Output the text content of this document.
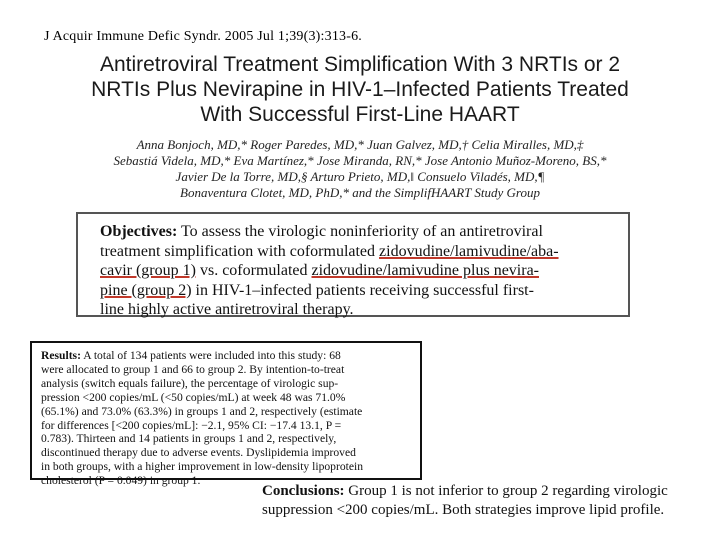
J Acquir Immune Defic Syndr. 2005 Jul 1;39(3):313-6.
Antiretroviral Treatment Simplification With 3 NRTIs or 2
NRTIs Plus Nevirapine in HIV-1–Infected Patients Treated
With Successful First-Line HAART
Anna Bonjoch, MD,* Roger Paredes, MD,* Juan Galvez, MD,† Celia Miralles, MD,‡
Sebastiá Videla, MD,* Eva Martínez,* Jose Miranda, RN,* Jose Antonio Muñoz-Moreno, BS,*
Javier De la Torre, MD,§ Arturo Prieto, MD,‖ Consuelo Viladés, MD,¶
Bonaventura Clotet, MD, PhD,* and the SimplifHAART Study Group
Objectives: To assess the virologic noninferiority of an antiretroviral
treatment simplification with coformulated zidovudine/lamivudine/aba-
cavir (group 1) vs. coformulated zidovudine/lamivudine plus nevira-
pine (group 2) in HIV-1–infected patients receiving successful first-
line highly active antiretroviral therapy.
Results: A total of 134 patients were included into this study: 68
were allocated to group 1 and 66 to group 2. By intention-to-treat
analysis (switch equals failure), the percentage of virologic sup-
pression <200 copies/mL (<50 copies/mL) at week 48 was 71.0%
(65.1%) and 73.0% (63.3%) in groups 1 and 2, respectively (estimate
for differences [<200 copies/mL]: −2.1, 95% CI: −17.4 13.1, P =
0.783). Thirteen and 14 patients in groups 1 and 2, respectively,
discontinued therapy due to adverse events. Dyslipidemia improved
in both groups, with a higher improvement in low-density lipoprotein
cholesterol (P = 0.049) in group 1.
Conclusions: Group 1 is not inferior to group 2 regarding virologic
suppression <200 copies/mL. Both strategies improve lipid profile.
